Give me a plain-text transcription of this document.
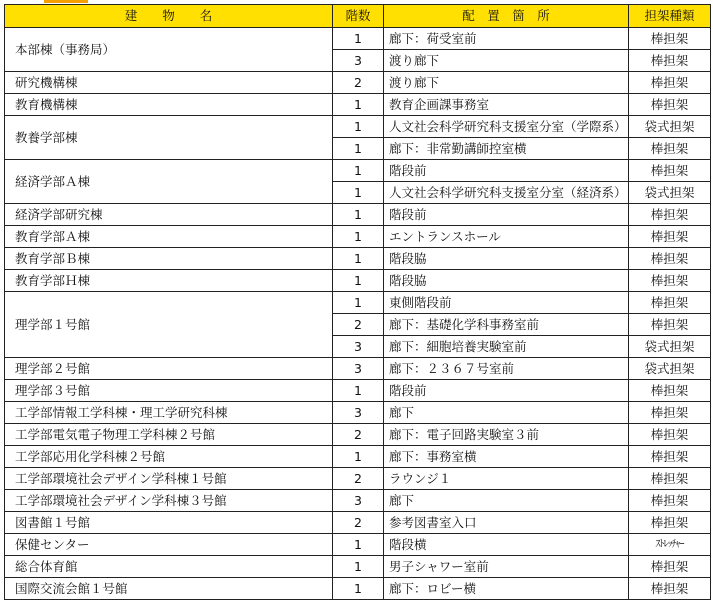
建　　物　　名	階数	配　置　箇　所	担架種類
本部棟（事務局）	1	廊下：荷受室前	棒担架
	3	渡り廊下	棒担架
研究機構棟	2	渡り廊下	棒担架
教育機構棟	1	教育企画課事務室	棒担架
教養学部棟	1	人文社会科学研究科支援室分室（学際系）	袋式担架
	1	廊下：非常勤講師控室横	棒担架
経済学部Ａ棟	1	階段前	棒担架
	1	人文社会科学研究科支援室分室（経済系）	袋式担架
経済学部研究棟	1	階段前	棒担架
教育学部Ａ棟	1	エントランスホール	棒担架
教育学部Ｂ棟	1	階段脇	棒担架
教育学部Ｈ棟	1	階段脇	棒担架
理学部１号館	1	東側階段前	棒担架
	2	廊下：基礎化学科事務室前	棒担架
	3	廊下：細胞培養実験室前	袋式担架
理学部２号館	3	廊下：２３６７号室前	袋式担架
理学部３号館	1	階段前	棒担架
工学部情報工学科棟・理工学研究科棟	3	廊下	棒担架
工学部電気電子物理工学科棟２号館	2	廊下：電子回路実験室３前	棒担架
工学部応用化学科棟２号館	1	廊下：事務室横	棒担架
工学部環境社会デザイン学科棟１号館	2	ラウンジ１	棒担架
工学部環境社会デザイン学科棟３号館	3	廊下	棒担架
図書館１号館	2	参考図書室入口	棒担架
保健センター	1	階段横	ｽﾄﾚｯﾁｬｰ
総合体育館	1	男子シャワー室前	棒担架
国際交流会館１号館	1	廊下：ロビー横	棒担架
